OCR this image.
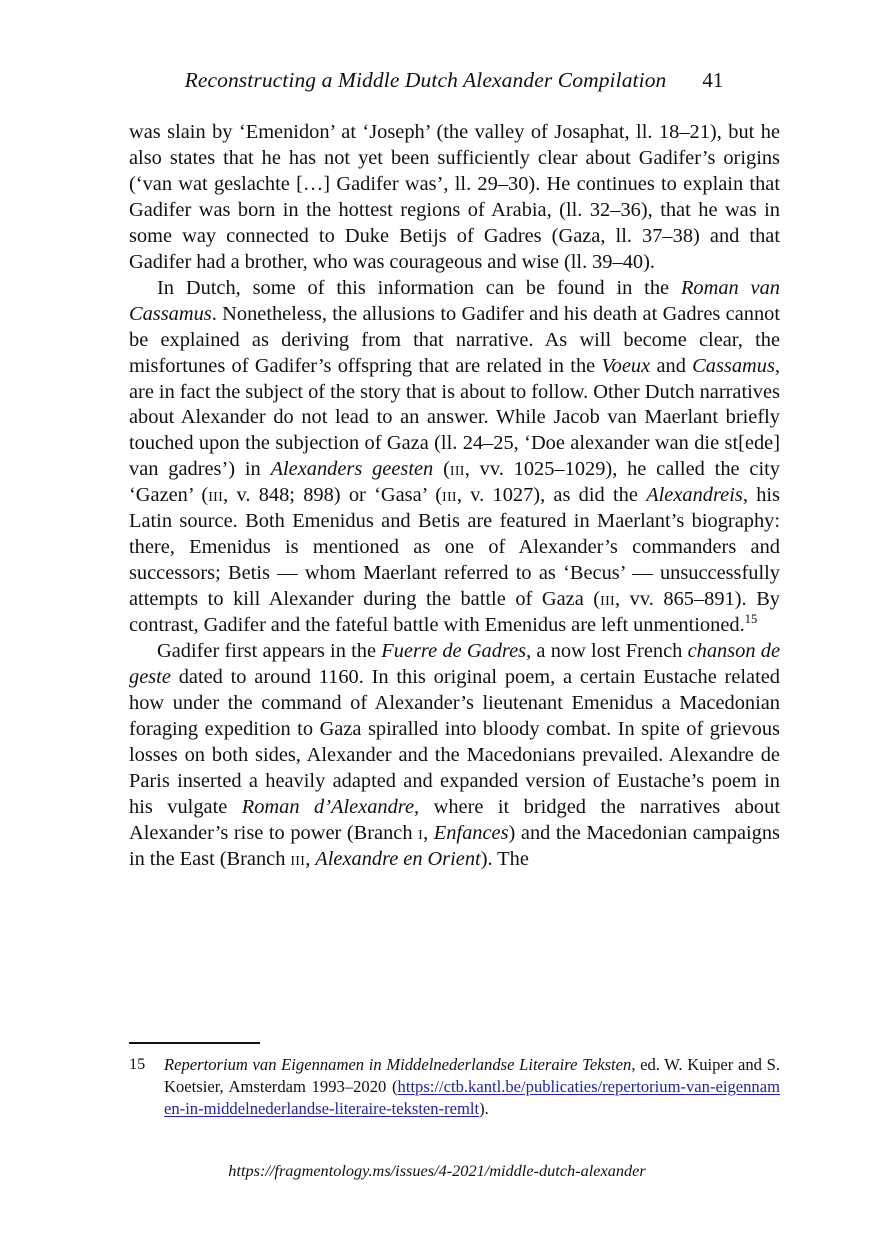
Reconstructing a Middle Dutch Alexander Compilation 41

was slain by ‘Emenidon’ at ‘Joseph’ (the valley of Josaphat, ll. 18–21), but he also states that he has not yet been sufficiently clear about Gadifer’s origins (‘van wat geslachte […] Gadifer was’, ll. 29–30). He continues to explain that Gadifer was born in the hottest regions of Arabia, (ll. 32–36), that he was in some way connected to Duke Betijs of Gadres (Gaza, ll. 37–38) and that Gadifer had a brother, who was courageous and wise (ll. 39–40).

In Dutch, some of this information can be found in the Roman van Cassamus. Nonetheless, the allusions to Gadifer and his death at Gadres cannot be explained as deriving from that narrative. As will become clear, the misfortunes of Gadifer’s offspring that are related in the Voeux and Cassamus, are in fact the subject of the story that is about to follow. Other Dutch narratives about Alexander do not lead to an answer. While Jacob van Maerlant briefly touched upon the subjection of Gaza (ll. 24–25, ‘Doe alexander wan die st[ede] van gadres’) in Alexanders geesten (iii, vv. 1025–1029), he called the city ‘Gazen’ (iii, v. 848; 898) or ‘Gasa’ (iii, v. 1027), as did the Alexandreis, his Latin source. Both Emenidus and Betis are featured in Maerlant’s biography: there, Emenidus is mentioned as one of Alexander’s commanders and successors; Betis — whom Maerlant referred to as ‘Becus’ — unsuccessfully attempts to kill Alexander during the battle of Gaza (iii, vv. 865–891). By contrast, Gadifer and the fateful battle with Emenidus are left unmentioned.$^{15}$

Gadifer first appears in the Fuerre de Gadres, a now lost French chanson de geste dated to around 1160. In this original poem, a certain Eustache related how under the command of Alexander’s lieutenant Emenidus a Macedonian foraging expedition to Gaza spiralled into bloody combat. In spite of grievous losses on both sides, Alexander and the Macedonians prevailed. Alexandre de Paris inserted a heavily adapted and expanded version of Eustache’s poem in his vulgate Roman d’Alexandre, where it bridged the narratives about Alexander’s rise to power (Branch i, Enfances) and the Macedonian campaigns in the East (Branch iii, Alexandre en Orient). The

15 Repertorium van Eigennamen in Middelnederlandse Literaire Teksten, ed. W. Kuiper and S. Koetsier, Amsterdam 1993–2020 (https://ctb.kantl.be/publicaties/repertorium-van-eigennamen-in-middelnederlandse-literaire-teksten-remlt).
https://fragmentology.ms/issues/4-2021/middle-dutch-alexander
